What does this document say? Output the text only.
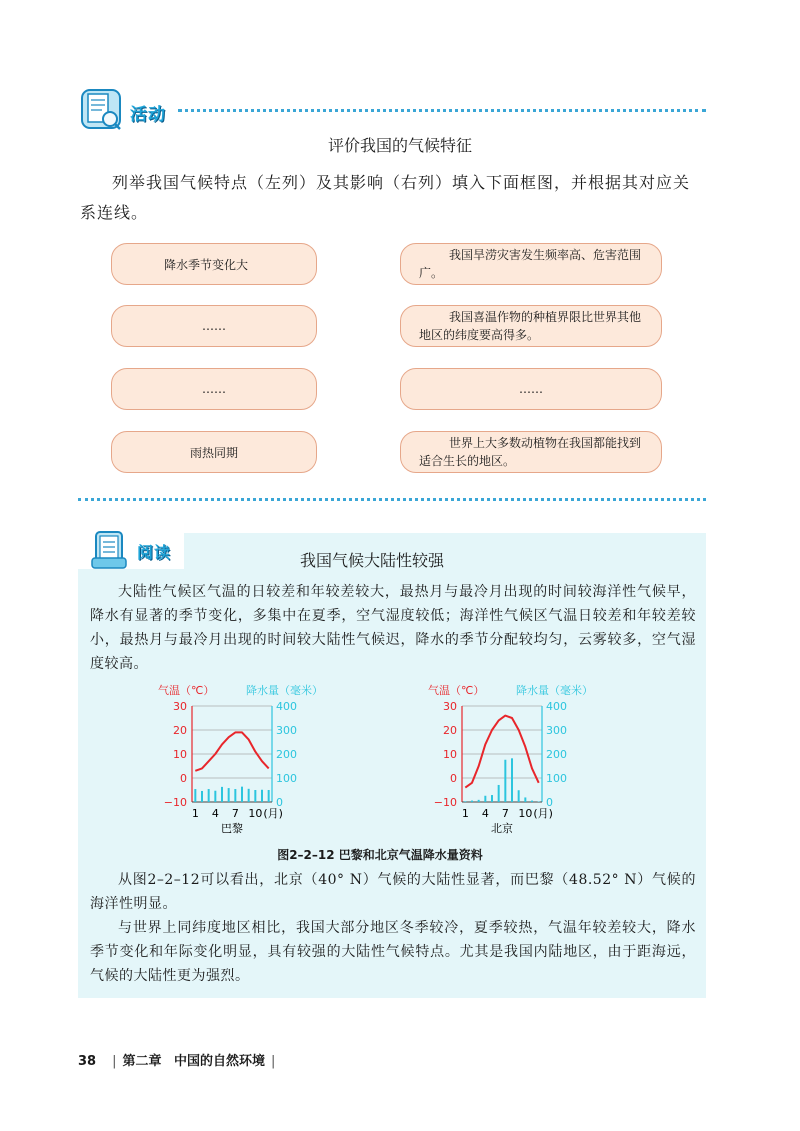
活动
评价我国的气候特征
列举我国气候特点（左列）及其影响（右列）填入下面框图，并根据其对应关系连线。
降水季节变化大
……
……
雨热同期
我国旱涝灾害发生频率高、危害范围广。
我国喜温作物的种植界限比世界其他地区的纬度要高得多。
……
世界上大多数动植物在我国都能找到适合生长的地区。
阅读	我国气候大陆性较强
大陆性气候区气温的日较差和年较差较大，最热月与最冷月出现的时间较海洋性气候早，降水有显著的季节变化，多集中在夏季，空气湿度较低；海洋性气候区气温日较差和年较差较小，最热月与最冷月出现的时间较大陆性气候迟，降水的季节分配较均匀，云雾较多，空气湿度较高。
气温（℃）	降水量（毫米）
−10
0
10
20
30
0
100
200
300
400
1 4 7 10 (月)
巴黎
气温（℃）	降水量（毫米）
−10
0
10
20
30
0
100
200
300
400
1 4 7 10 (月)
北京
图2–2–12 巴黎和北京气温降水量资料
从图2–2–12可以看出，北京（40° N）气候的大陆性显著，而巴黎（48.52° N）气候的海洋性明显。
与世界上同纬度地区相比，我国大部分地区冬季较冷，夏季较热，气温年较差较大，降水季节变化和年际变化明显，具有较强的大陆性气候特点。尤其是我国内陆地区，由于距海远，气候的大陆性更为强烈。
38 | 第二章 中国的自然环境 |
